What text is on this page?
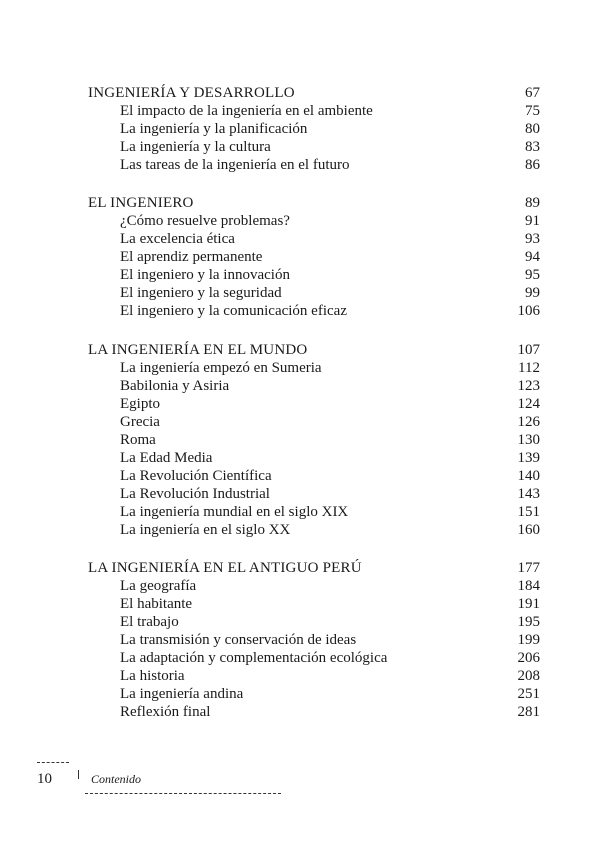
INGENIERÍA Y DESARROLLO	67
El impacto de la ingeniería en el ambiente	75
La ingeniería y la planificación	80
La ingeniería y la cultura	83
Las tareas de la ingeniería en el futuro	86
EL INGENIERO	89
¿Cómo resuelve problemas?	91
La excelencia ética	93
El aprendiz permanente	94
El ingeniero y la innovación	95
El ingeniero y la seguridad	99
El ingeniero y la comunicación eficaz	106
LA INGENIERÍA EN EL MUNDO	107
La ingeniería empezó en Sumeria	112
Babilonia y Asiria	123
Egipto	124
Grecia	126
Roma	130
La Edad Media	139
La Revolución Científica	140
La Revolución Industrial	143
La ingeniería mundial en el siglo XIX	151
La ingeniería en el siglo XX	160
LA INGENIERÍA EN EL ANTIGUO PERÚ	177
La geografía	184
El habitante	191
El trabajo	195
La transmisión y conservación de ideas	199
La adaptación y complementación ecológica	206
La historia	208
La ingeniería andina	251
Reflexión final	281
10	Contenido
